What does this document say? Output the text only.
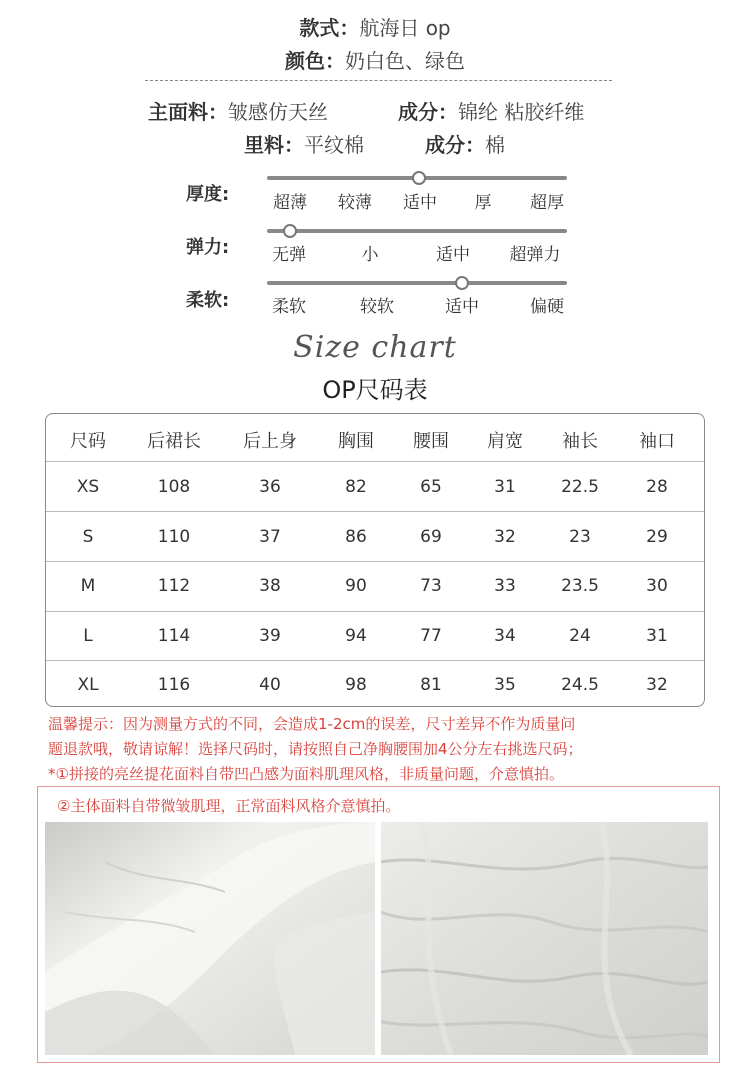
款式：航海日 op
颜色：奶白色、绿色
主面料：皱感仿天丝	成分：锦纶 粘胶纤维
里料：平纹棉	成分：棉
厚度:	超薄 较薄 适中 厚 超厚
弹力:	无弹	小	适中 超弹力
柔软:	柔软	较软	适中	偏硬
Size chart
OP尺码表
尺码	后裙长	后上身	胸围	腰围	肩宽	袖长	袖口
XS	108	36	82	65	31	22.5	28
S	110	37	86	69	32	23	29
M	112	38	90	73	33	23.5	30
L	114	39	94	77	34	24	31
XL	116	40	98	81	35	24.5	32
温馨提示：因为测量方式的不同，会造成1-2cm的误差，尺寸差异不作为质量问
题退款哦，敬请谅解！选择尺码时，请按照自己净胸腰围加4公分左右挑选尺码；
*①拼接的亮丝提花面料自带凹凸感为面料肌理风格，非质量问题，介意慎拍。
②主体面料自带微皱肌理，正常面料风格介意慎拍。
